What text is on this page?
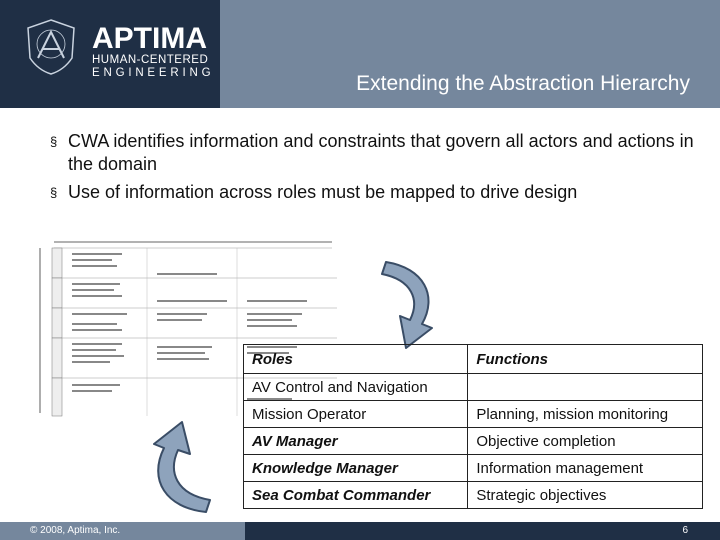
APTIMA
HUMAN-CENTERED
ENGINEERING	Extending the Abstraction Hierarchy
§ CWA identifies information and constraints that govern all actors and actions in the domain
§ Use of information across roles must be mapped to drive design
Roles	Functions
AV Control and Navigation	
Mission Operator	Planning, mission monitoring
AV Manager	Objective completion
Knowledge Manager	Information management
Sea Combat Commander	Strategic objectives
© 2008, Aptima, Inc.	6
